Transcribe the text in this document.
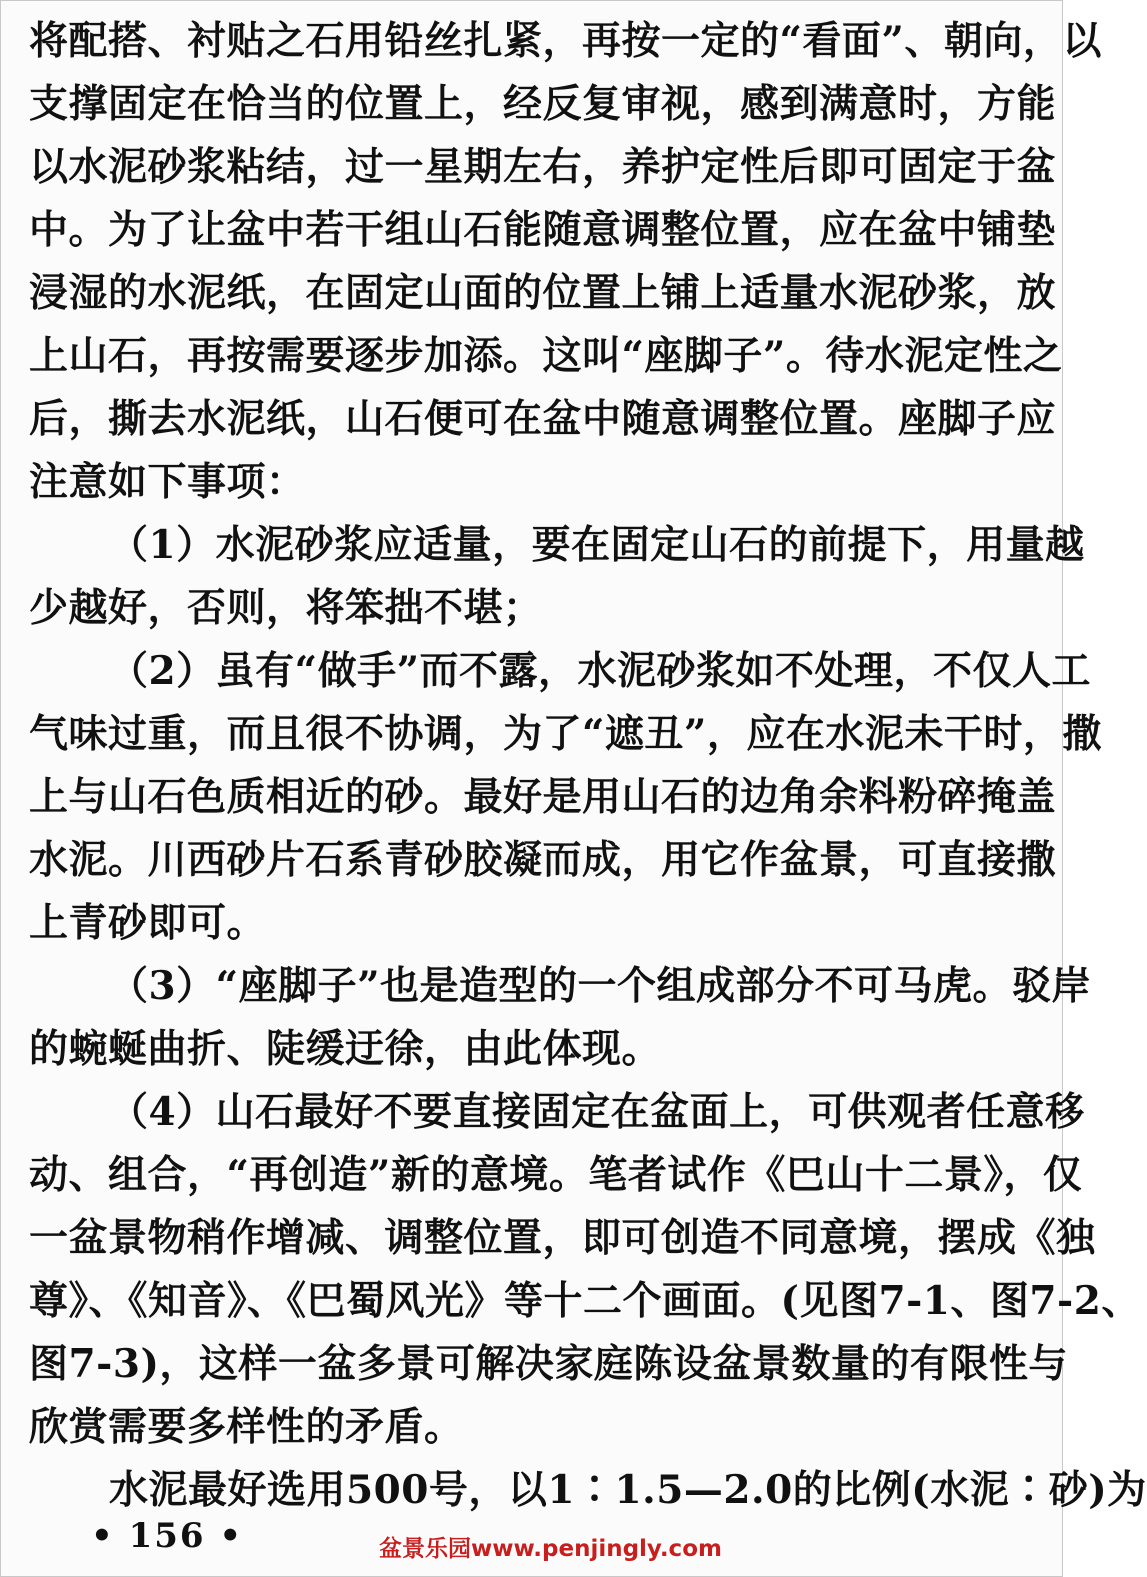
将配搭、衬贴之石用铅丝扎紧，再按一定的“看面”、朝向，以
支撑固定在恰当的位置上，经反复审视，感到满意时，方能
以水泥砂浆粘结，过一星期左右，养护定性后即可固定于盆
中。为了让盆中若干组山石能随意调整位置，应在盆中铺垫
浸湿的水泥纸，在固定山面的位置上铺上适量水泥砂浆，放
上山石，再按需要逐步加添。这叫“座脚子”。待水泥定性之
后，撕去水泥纸，山石便可在盆中随意调整位置。座脚子应
注意如下事项：
（1）水泥砂浆应适量，要在固定山石的前提下，用量越
少越好，否则，将笨拙不堪；
（2）虽有“做手”而不露，水泥砂浆如不处理，不仅人工
气味过重，而且很不协调，为了“遮丑”，应在水泥未干时，撒
上与山石色质相近的砂。最好是用山石的边角余料粉碎掩盖
水泥。川西砂片石系青砂胶凝而成，用它作盆景，可直接撒
上青砂即可。
（3）“座脚子”也是造型的一个组成部分不可马虎。驳岸
的蜿蜒曲折、陡缓迂徐，由此体现。
（4）山石最好不要直接固定在盆面上，可供观者任意移
动、组合，“再创造”新的意境。笔者试作《巴山十二景》，仅
一盆景物稍作增减、调整位置，即可创造不同意境，摆成《独
尊》、《知音》、《巴蜀风光》等十二个画面。(见图7-1、图7-2、
图7-3)，这样一盆多景可解决家庭陈设盆景数量的有限性与
欣赏需要多样性的矛盾。
水泥最好选用500号，以1∶1.5—2.0的比例(水泥∶砂)为
• 156 •	盆景乐园www.penjingly.com
